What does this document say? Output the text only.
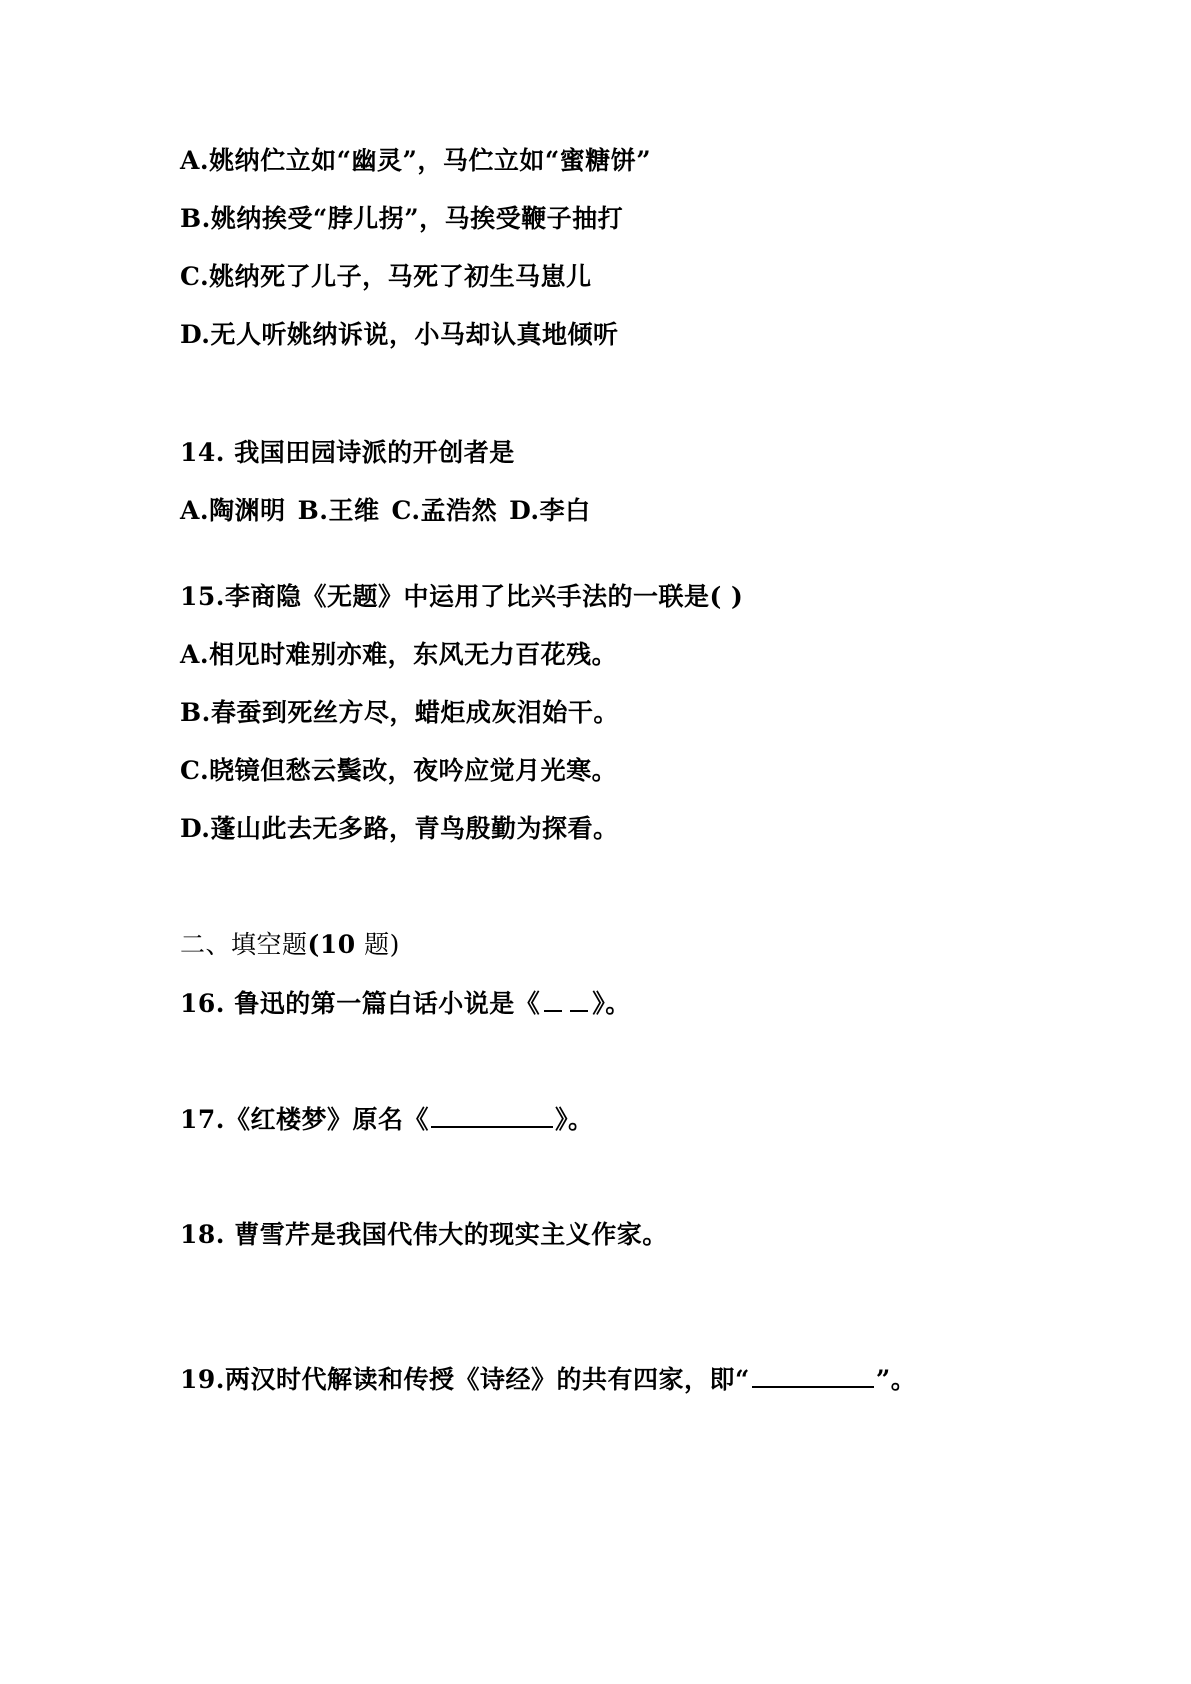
A.姚纳伫立如“幽灵”，马伫立如“蜜糖饼”
B.姚纳挨受“脖儿拐”，马挨受鞭子抽打
C.姚纳死了儿子，马死了初生马崽儿
D.无人听姚纳诉说，小马却认真地倾听
14. 我国田园诗派的开创者是
A.陶渊明 B.王维 C.孟浩然 D.李白
15.李商隐《无题》中运用了比兴手法的一联是( )
A.相见时难别亦难，东风无力百花残。
B.春蚕到死丝方尽，蜡炬成灰泪始干。
C.晓镜但愁云鬓改，夜吟应觉月光寒。
D.蓬山此去无多路，青鸟殷勤为探看。
二、填空题(10 题)
16. 鲁迅的第一篇白话小说是《 》。
17.《红楼梦》原名《	》。
18. 曹雪芹是我国代伟大的现实主义作家。
19.两汉时代解读和传授《诗经》的共有四家，即“	”。
